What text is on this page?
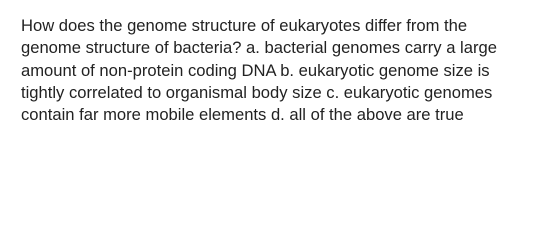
How does the genome structure of eukaryotes differ from the
genome structure of bacteria? a. bacterial genomes carry a large
amount of non-protein coding DNA b. eukaryotic genome size is
tightly correlated to organismal body size c. eukaryotic genomes
contain far more mobile elements d. all of the above are true
